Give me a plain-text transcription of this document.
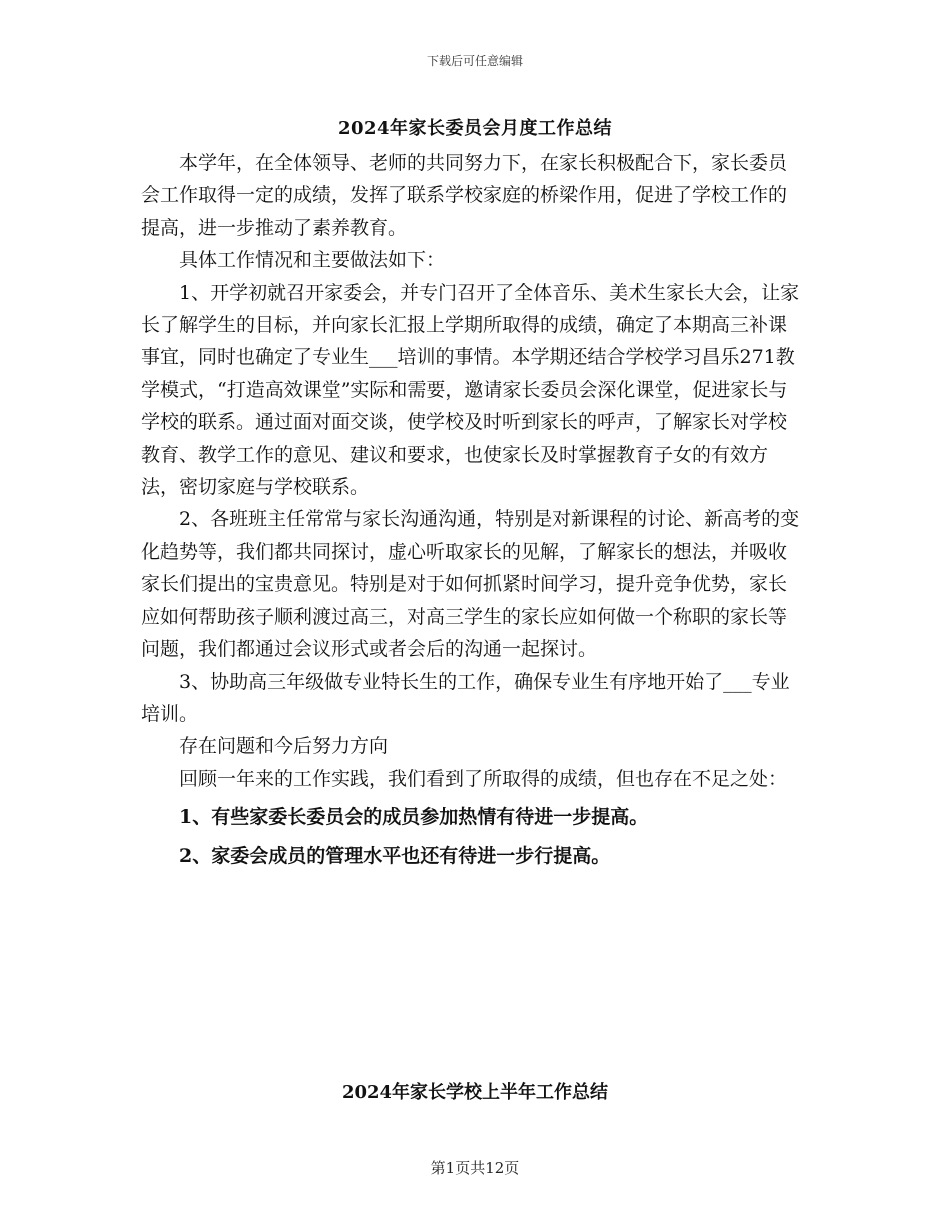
下载后可任意编辑
2024年家长委员会月度工作总结

本学年，在全体领导、老师的共同努力下，在家长积极配合下，家长委员会工作取得一定的成绩，发挥了联系学校家庭的桥梁作用，促进了学校工作的提高，进一步推动了素养教育。

具体工作情况和主要做法如下：

1、开学初就召开家委会，并专门召开了全体音乐、美术生家长大会，让家长了解学生的目标，并向家长汇报上学期所取得的成绩，确定了本期高三补课事宜，同时也确定了专业生___培训的事情。本学期还结合学校学习昌乐271教学模式，“打造高效课堂”实际和需要，邀请家长委员会深化课堂，促进家长与学校的联系。通过面对面交谈，使学校及时听到家长的呼声，了解家长对学校教育、教学工作的意见、建议和要求，也使家长及时掌握教育子女的有效方法，密切家庭与学校联系。

2、各班班主任常常与家长沟通沟通，特别是对新课程的讨论、新高考的变化趋势等，我们都共同探讨，虚心听取家长的见解，了解家长的想法，并吸收家长们提出的宝贵意见。特别是对于如何抓紧时间学习，提升竞争优势，家长应如何帮助孩子顺利渡过高三，对高三学生的家长应如何做一个称职的家长等问题，我们都通过会议形式或者会后的沟通一起探讨。

3、协助高三年级做专业特长生的工作，确保专业生有序地开始了___专业培训。

存在问题和今后努力方向

回顾一年来的工作实践，我们看到了所取得的成绩，但也存在不足之处：

1、有些家委长委员会的成员参加热情有待进一步提高。

2、家委会成员的管理水平也还有待进一步行提高。

2024年家长学校上半年工作总结
第1页共12页
